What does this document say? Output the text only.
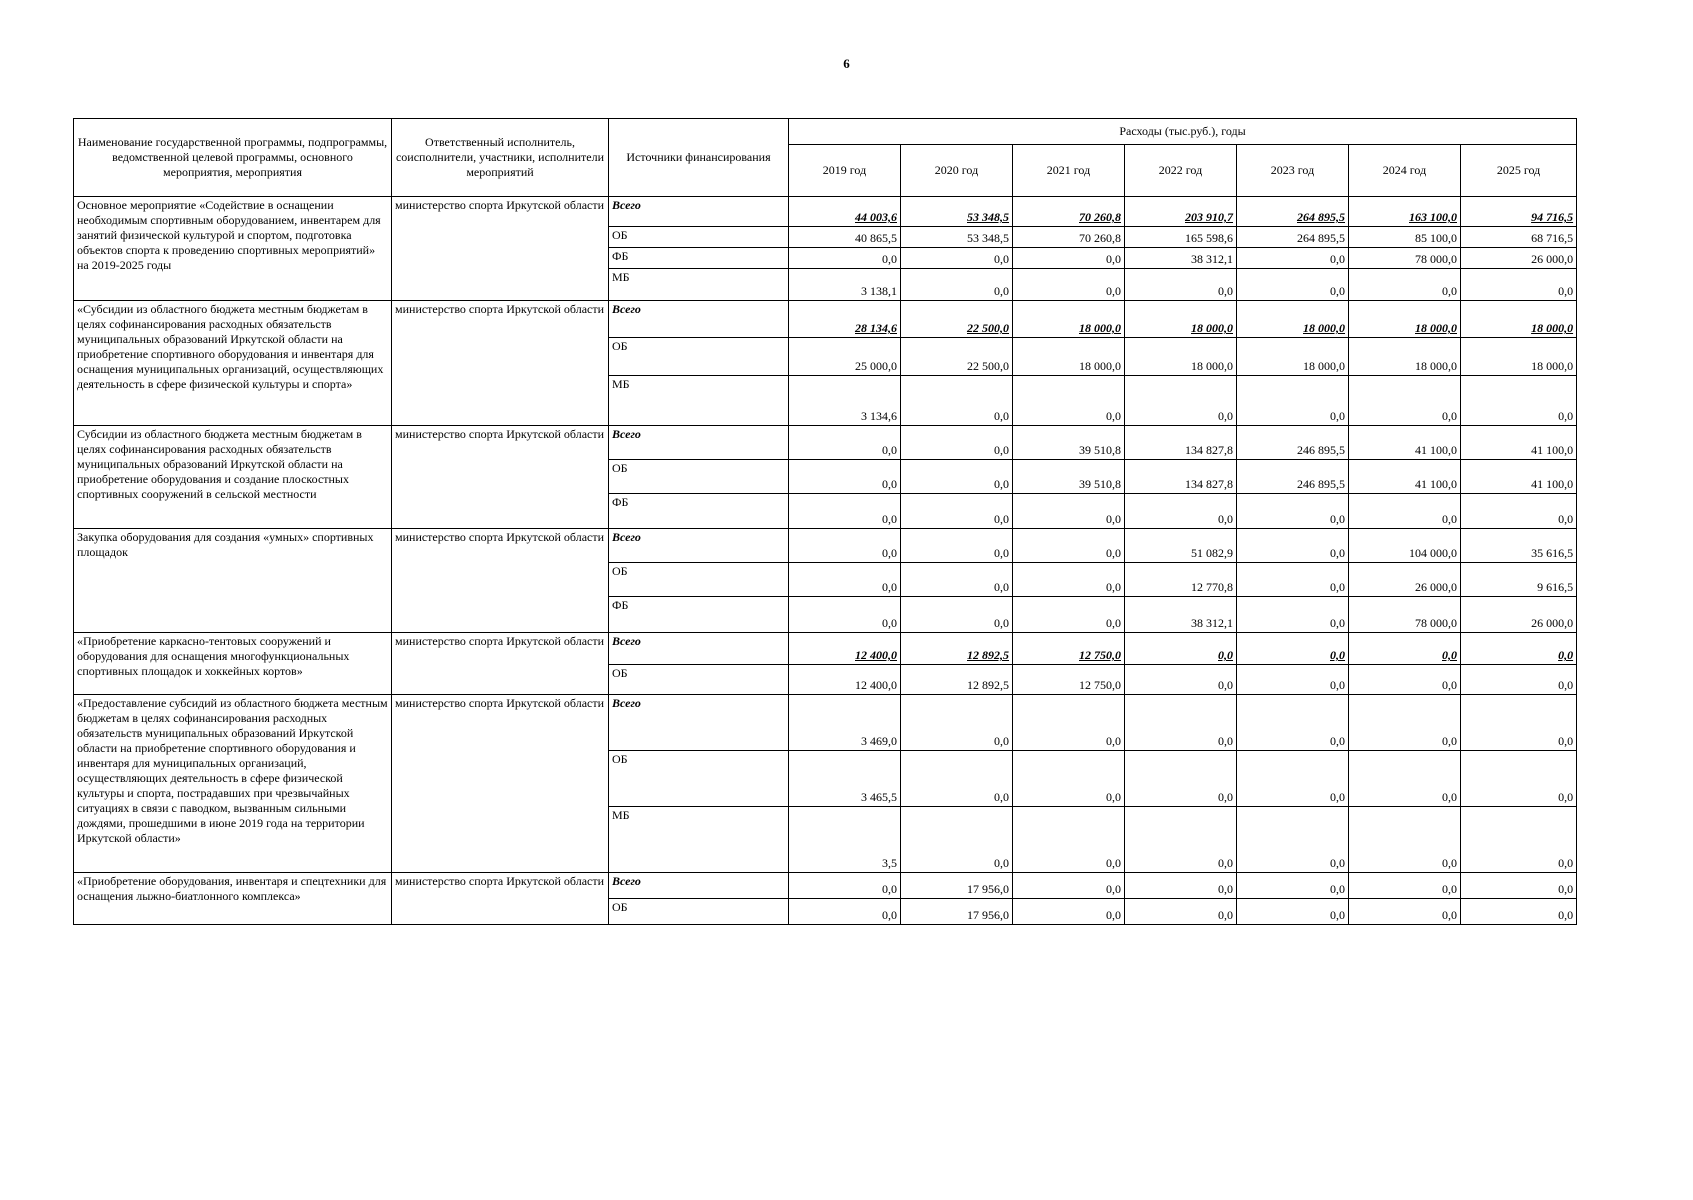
6
Наименование государственной программы, подпрограммы, ведомственной целевой программы, основного мероприятия, мероприятия	Ответственный исполнитель, соисполнители, участники, исполнители мероприятий	Источники финансирования	Расходы (тыс.руб.), годы						
			2019 год	2020 год	2021 год	2022 год	2023 год	2024 год	2025 год
Основное мероприятие «Содействие в оснащении необходимым спортивным оборудованием, инвентарем для занятий физической культурой и спортом, подготовка объектов спорта к проведению спортивных мероприятий» на 2019-2025 годы	министерство спорта Иркутской области	Всего	44 003,6	53 348,5	70 260,8	203 910,7	264 895,5	163 100,0	94 716,5
		ОБ	40 865,5	53 348,5	70 260,8	165 598,6	264 895,5	85 100,0	68 716,5
		ФБ	0,0	0,0	0,0	38 312,1	0,0	78 000,0	26 000,0
		МБ	3 138,1	0,0	0,0	0,0	0,0	0,0	0,0
«Субсидии из областного бюджета местным бюджетам в целях софинансирования расходных обязательств муниципальных образований Иркутской области на приобретение спортивного оборудования и инвентаря для оснащения муниципальных организаций, осуществляющих деятельность в сфере физической культуры и спорта»	министерство спорта Иркутской области	Всего	28 134,6	22 500,0	18 000,0	18 000,0	18 000,0	18 000,0	18 000,0
		ОБ	25 000,0	22 500,0	18 000,0	18 000,0	18 000,0	18 000,0	18 000,0
		МБ	3 134,6	0,0	0,0	0,0	0,0	0,0	0,0
Субсидии из областного бюджета местным бюджетам в целях софинансирования расходных обязательств муниципальных образований Иркутской области на приобретение оборудования и создание плоскостных спортивных сооружений в сельской местности	министерство спорта Иркутской области	Всего	0,0	0,0	39 510,8	134 827,8	246 895,5	41 100,0	41 100,0
		ОБ	0,0	0,0	39 510,8	134 827,8	246 895,5	41 100,0	41 100,0
		ФБ	0,0	0,0	0,0	0,0	0,0	0,0	0,0
Закупка оборудования для создания «умных» спортивных площадок	министерство спорта Иркутской области	Всего	0,0	0,0	0,0	51 082,9	0,0	104 000,0	35 616,5
		ОБ	0,0	0,0	0,0	12 770,8	0,0	26 000,0	9 616,5
		ФБ	0,0	0,0	0,0	38 312,1	0,0	78 000,0	26 000,0
«Приобретение каркасно-тентовых сооружений и оборудования для оснащения многофункциональных спортивных площадок и хоккейных кортов»	министерство спорта Иркутской области	Всего	12 400,0	12 892,5	12 750,0	0,0	0,0	0,0	0,0
		ОБ	12 400,0	12 892,5	12 750,0	0,0	0,0	0,0	0,0
«Предоставление субсидий из областного бюджета местным бюджетам в целях софинансирования расходных обязательств муниципальных образований Иркутской области на приобретение спортивного оборудования и инвентаря для муниципальных организаций, осуществляющих деятельность в сфере физической культуры и спорта, пострадавших при чрезвычайных ситуациях в связи с паводком, вызванным сильными дождями, прошедшими в июне 2019 года на территории Иркутской области»	министерство спорта Иркутской области	Всего	3 469,0	0,0	0,0	0,0	0,0	0,0	0,0
		ОБ	3 465,5	0,0	0,0	0,0	0,0	0,0	0,0
		МБ	3,5	0,0	0,0	0,0	0,0	0,0	0,0
«Приобретение оборудования, инвентаря и спецтехники для оснащения лыжно-биатлонного комплекса»	министерство спорта Иркутской области	Всего	0,0	17 956,0	0,0	0,0	0,0	0,0	0,0
		ОБ	0,0	17 956,0	0,0	0,0	0,0	0,0	0,0
